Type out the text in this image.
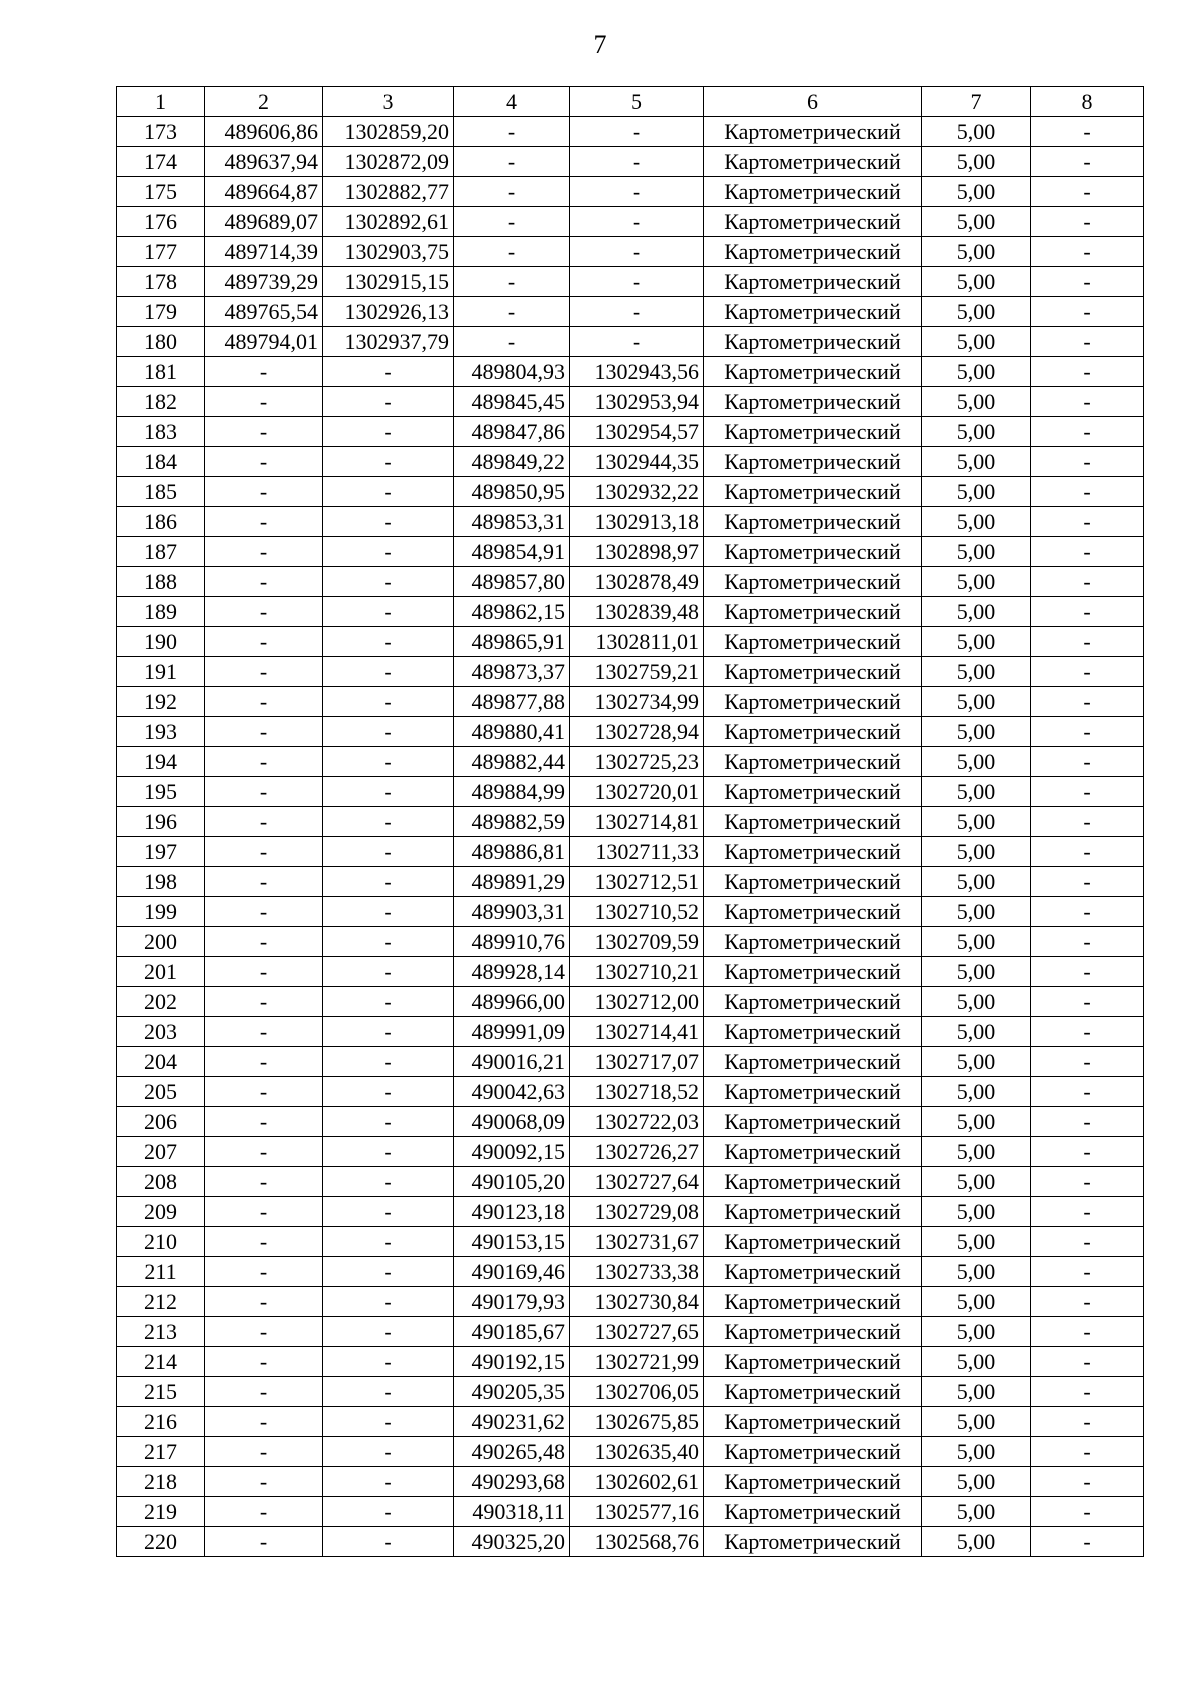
7
1	2	3	4	5	6	7	8
173	489606,86	1302859,20	-	-	Картометрический	5,00	-
174	489637,94	1302872,09	-	-	Картометрический	5,00	-
175	489664,87	1302882,77	-	-	Картометрический	5,00	-
176	489689,07	1302892,61	-	-	Картометрический	5,00	-
177	489714,39	1302903,75	-	-	Картометрический	5,00	-
178	489739,29	1302915,15	-	-	Картометрический	5,00	-
179	489765,54	1302926,13	-	-	Картометрический	5,00	-
180	489794,01	1302937,79	-	-	Картометрический	5,00	-
181	-	-	489804,93	1302943,56	Картометрический	5,00	-
182	-	-	489845,45	1302953,94	Картометрический	5,00	-
183	-	-	489847,86	1302954,57	Картометрический	5,00	-
184	-	-	489849,22	1302944,35	Картометрический	5,00	-
185	-	-	489850,95	1302932,22	Картометрический	5,00	-
186	-	-	489853,31	1302913,18	Картометрический	5,00	-
187	-	-	489854,91	1302898,97	Картометрический	5,00	-
188	-	-	489857,80	1302878,49	Картометрический	5,00	-
189	-	-	489862,15	1302839,48	Картометрический	5,00	-
190	-	-	489865,91	1302811,01	Картометрический	5,00	-
191	-	-	489873,37	1302759,21	Картометрический	5,00	-
192	-	-	489877,88	1302734,99	Картометрический	5,00	-
193	-	-	489880,41	1302728,94	Картометрический	5,00	-
194	-	-	489882,44	1302725,23	Картометрический	5,00	-
195	-	-	489884,99	1302720,01	Картометрический	5,00	-
196	-	-	489882,59	1302714,81	Картометрический	5,00	-
197	-	-	489886,81	1302711,33	Картометрический	5,00	-
198	-	-	489891,29	1302712,51	Картометрический	5,00	-
199	-	-	489903,31	1302710,52	Картометрический	5,00	-
200	-	-	489910,76	1302709,59	Картометрический	5,00	-
201	-	-	489928,14	1302710,21	Картометрический	5,00	-
202	-	-	489966,00	1302712,00	Картометрический	5,00	-
203	-	-	489991,09	1302714,41	Картометрический	5,00	-
204	-	-	490016,21	1302717,07	Картометрический	5,00	-
205	-	-	490042,63	1302718,52	Картометрический	5,00	-
206	-	-	490068,09	1302722,03	Картометрический	5,00	-
207	-	-	490092,15	1302726,27	Картометрический	5,00	-
208	-	-	490105,20	1302727,64	Картометрический	5,00	-
209	-	-	490123,18	1302729,08	Картометрический	5,00	-
210	-	-	490153,15	1302731,67	Картометрический	5,00	-
211	-	-	490169,46	1302733,38	Картометрический	5,00	-
212	-	-	490179,93	1302730,84	Картометрический	5,00	-
213	-	-	490185,67	1302727,65	Картометрический	5,00	-
214	-	-	490192,15	1302721,99	Картометрический	5,00	-
215	-	-	490205,35	1302706,05	Картометрический	5,00	-
216	-	-	490231,62	1302675,85	Картометрический	5,00	-
217	-	-	490265,48	1302635,40	Картометрический	5,00	-
218	-	-	490293,68	1302602,61	Картометрический	5,00	-
219	-	-	490318,11	1302577,16	Картометрический	5,00	-
220	-	-	490325,20	1302568,76	Картометрический	5,00	-
